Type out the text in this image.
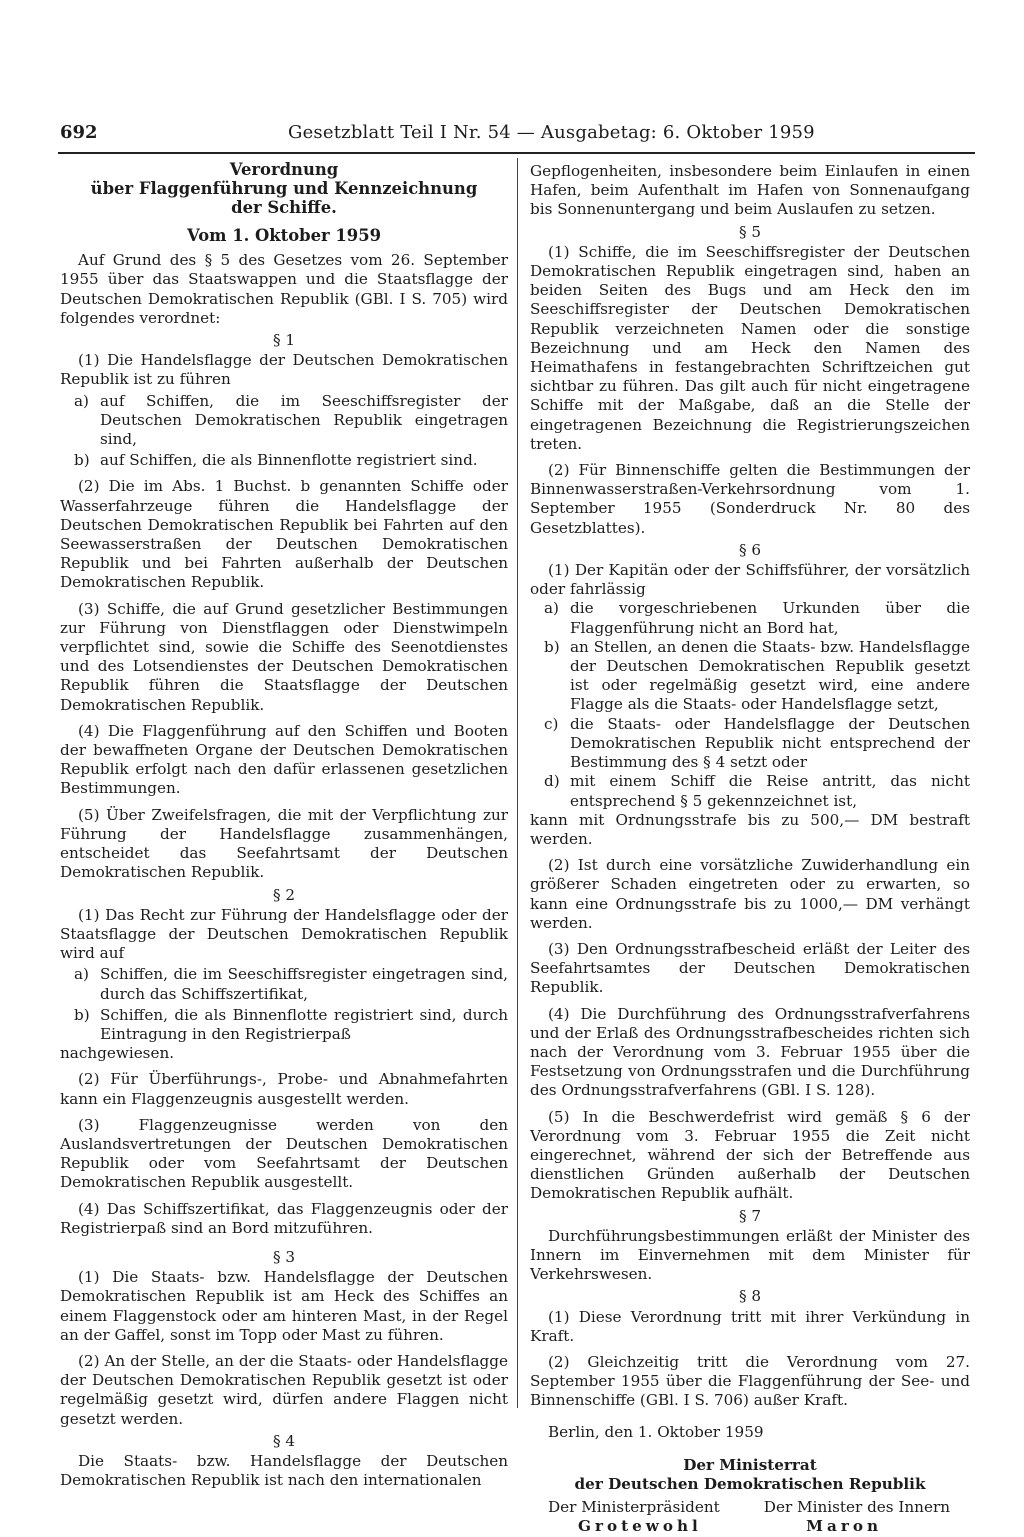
692	Gesetzblatt Teil I Nr. 54 — Ausgabetag: 6. Oktober 1959
Verordnung
über Flaggenführung und Kennzeichnung
der Schiffe.
Vom 1. Oktober 1959

Auf Grund des § 5 des Gesetzes vom 26. September 1955 über das Staatswappen und die Staatsflagge der Deutschen Demokratischen Republik (GBl. I S. 705) wird folgendes verordnet:

§ 1

(1) Die Handelsflagge der Deutschen Demokratischen Republik ist zu führen

a) auf Schiffen, die im Seeschiffsregister der Deutschen Demokratischen Republik eingetragen sind,

b) auf Schiffen, die als Binnenflotte registriert sind.

(2) Die im Abs. 1 Buchst. b genannten Schiffe oder Wasserfahrzeuge führen die Handelsflagge der Deutschen Demokratischen Republik bei Fahrten auf den Seewasserstraßen der Deutschen Demokratischen Republik und bei Fahrten außerhalb der Deutschen Demokratischen Republik.

(3) Schiffe, die auf Grund gesetzlicher Bestimmungen zur Führung von Dienstflaggen oder Dienstwimpeln verpflichtet sind, sowie die Schiffe des Seenotdienstes und des Lotsendienstes der Deutschen Demokratischen Republik führen die Staatsflagge der Deutschen Demokratischen Republik.

(4) Die Flaggenführung auf den Schiffen und Booten der bewaffneten Organe der Deutschen Demokratischen Republik erfolgt nach den dafür erlassenen gesetzlichen Bestimmungen.

(5) Über Zweifelsfragen, die mit der Verpflichtung zur Führung der Handelsflagge zusammenhängen, entscheidet das Seefahrtsamt der Deutschen Demokratischen Republik.

§ 2

(1) Das Recht zur Führung der Handelsflagge oder der Staatsflagge der Deutschen Demokratischen Republik wird auf

a) Schiffen, die im Seeschiffsregister eingetragen sind, durch das Schiffszertifikat,

b) Schiffen, die als Binnenflotte registriert sind, durch Eintragung in den Registrierpaß

nachgewiesen.

(2) Für Überführungs-, Probe- und Abnahmefahrten kann ein Flaggenzeugnis ausgestellt werden.

(3) Flaggenzeugnisse werden von den Auslandsvertretungen der Deutschen Demokratischen Republik oder vom Seefahrtsamt der Deutschen Demokratischen Republik ausgestellt.

(4) Das Schiffszertifikat, das Flaggenzeugnis oder der Registrierpaß sind an Bord mitzuführen.

§ 3

(1) Die Staats- bzw. Handelsflagge der Deutschen Demokratischen Republik ist am Heck des Schiffes an einem Flaggenstock oder am hinteren Mast, in der Regel an der Gaffel, sonst im Topp oder Mast zu führen.

(2) An der Stelle, an der die Staats- oder Handelsflagge der Deutschen Demokratischen Republik gesetzt ist oder regelmäßig gesetzt wird, dürfen andere Flaggen nicht gesetzt werden.

§ 4

Die Staats- bzw. Handelsflagge der Deutschen Demokratischen Republik ist nach den internationalen

Gepflogenheiten, insbesondere beim Einlaufen in einen Hafen, beim Aufenthalt im Hafen von Sonnenaufgang bis Sonnenuntergang und beim Auslaufen zu setzen.

§ 5

(1) Schiffe, die im Seeschiffsregister der Deutschen Demokratischen Republik eingetragen sind, haben an beiden Seiten des Bugs und am Heck den im Seeschiffsregister der Deutschen Demokratischen Republik verzeichneten Namen oder die sonstige Bezeichnung und am Heck den Namen des Heimathafens in festangebrachten Schriftzeichen gut sichtbar zu führen. Das gilt auch für nicht eingetragene Schiffe mit der Maßgabe, daß an die Stelle der eingetragenen Bezeichnung die Registrierungszeichen treten.

(2) Für Binnenschiffe gelten die Bestimmungen der Binnenwasserstraßen-Verkehrsordnung vom 1. September 1955 (Sonderdruck Nr. 80 des Gesetzblattes).

§ 6

(1) Der Kapitän oder der Schiffsführer, der vorsätzlich oder fahrlässig

a) die vorgeschriebenen Urkunden über die Flaggenführung nicht an Bord hat,

b) an Stellen, an denen die Staats- bzw. Handelsflagge der Deutschen Demokratischen Republik gesetzt ist oder regelmäßig gesetzt wird, eine andere Flagge als die Staats- oder Handelsflagge setzt,

c) die Staats- oder Handelsflagge der Deutschen Demokratischen Republik nicht entsprechend der Bestimmung des § 4 setzt oder

d) mit einem Schiff die Reise antritt, das nicht entsprechend § 5 gekennzeichnet ist,

kann mit Ordnungsstrafe bis zu 500,— DM bestraft werden.

(2) Ist durch eine vorsätzliche Zuwiderhandlung ein größerer Schaden eingetreten oder zu erwarten, so kann eine Ordnungsstrafe bis zu 1000,— DM verhängt werden.

(3) Den Ordnungsstrafbescheid erläßt der Leiter des Seefahrtsamtes der Deutschen Demokratischen Republik.

(4) Die Durchführung des Ordnungsstrafverfahrens und der Erlaß des Ordnungsstrafbescheides richten sich nach der Verordnung vom 3. Februar 1955 über die Festsetzung von Ordnungsstrafen und die Durchführung des Ordnungsstrafverfahrens (GBl. I S. 128).

(5) In die Beschwerdefrist wird gemäß § 6 der Verordnung vom 3. Februar 1955 die Zeit nicht eingerechnet, während der sich der Betreffende aus dienstlichen Gründen außerhalb der Deutschen Demokratischen Republik aufhält.

§ 7

Durchführungsbestimmungen erläßt der Minister des Innern im Einvernehmen mit dem Minister für Verkehrswesen.

§ 8

(1) Diese Verordnung tritt mit ihrer Verkündung in Kraft.

(2) Gleichzeitig tritt die Verordnung vom 27. September 1955 über die Flaggenführung der See- und Binnenschiffe (GBl. I S. 706) außer Kraft.

Berlin, den 1. Oktober 1959

Der Ministerrat
der Deutschen Demokratischen Republik
Der Ministerpräsident	Der Minister des Innern
Grotewohl	Maron
